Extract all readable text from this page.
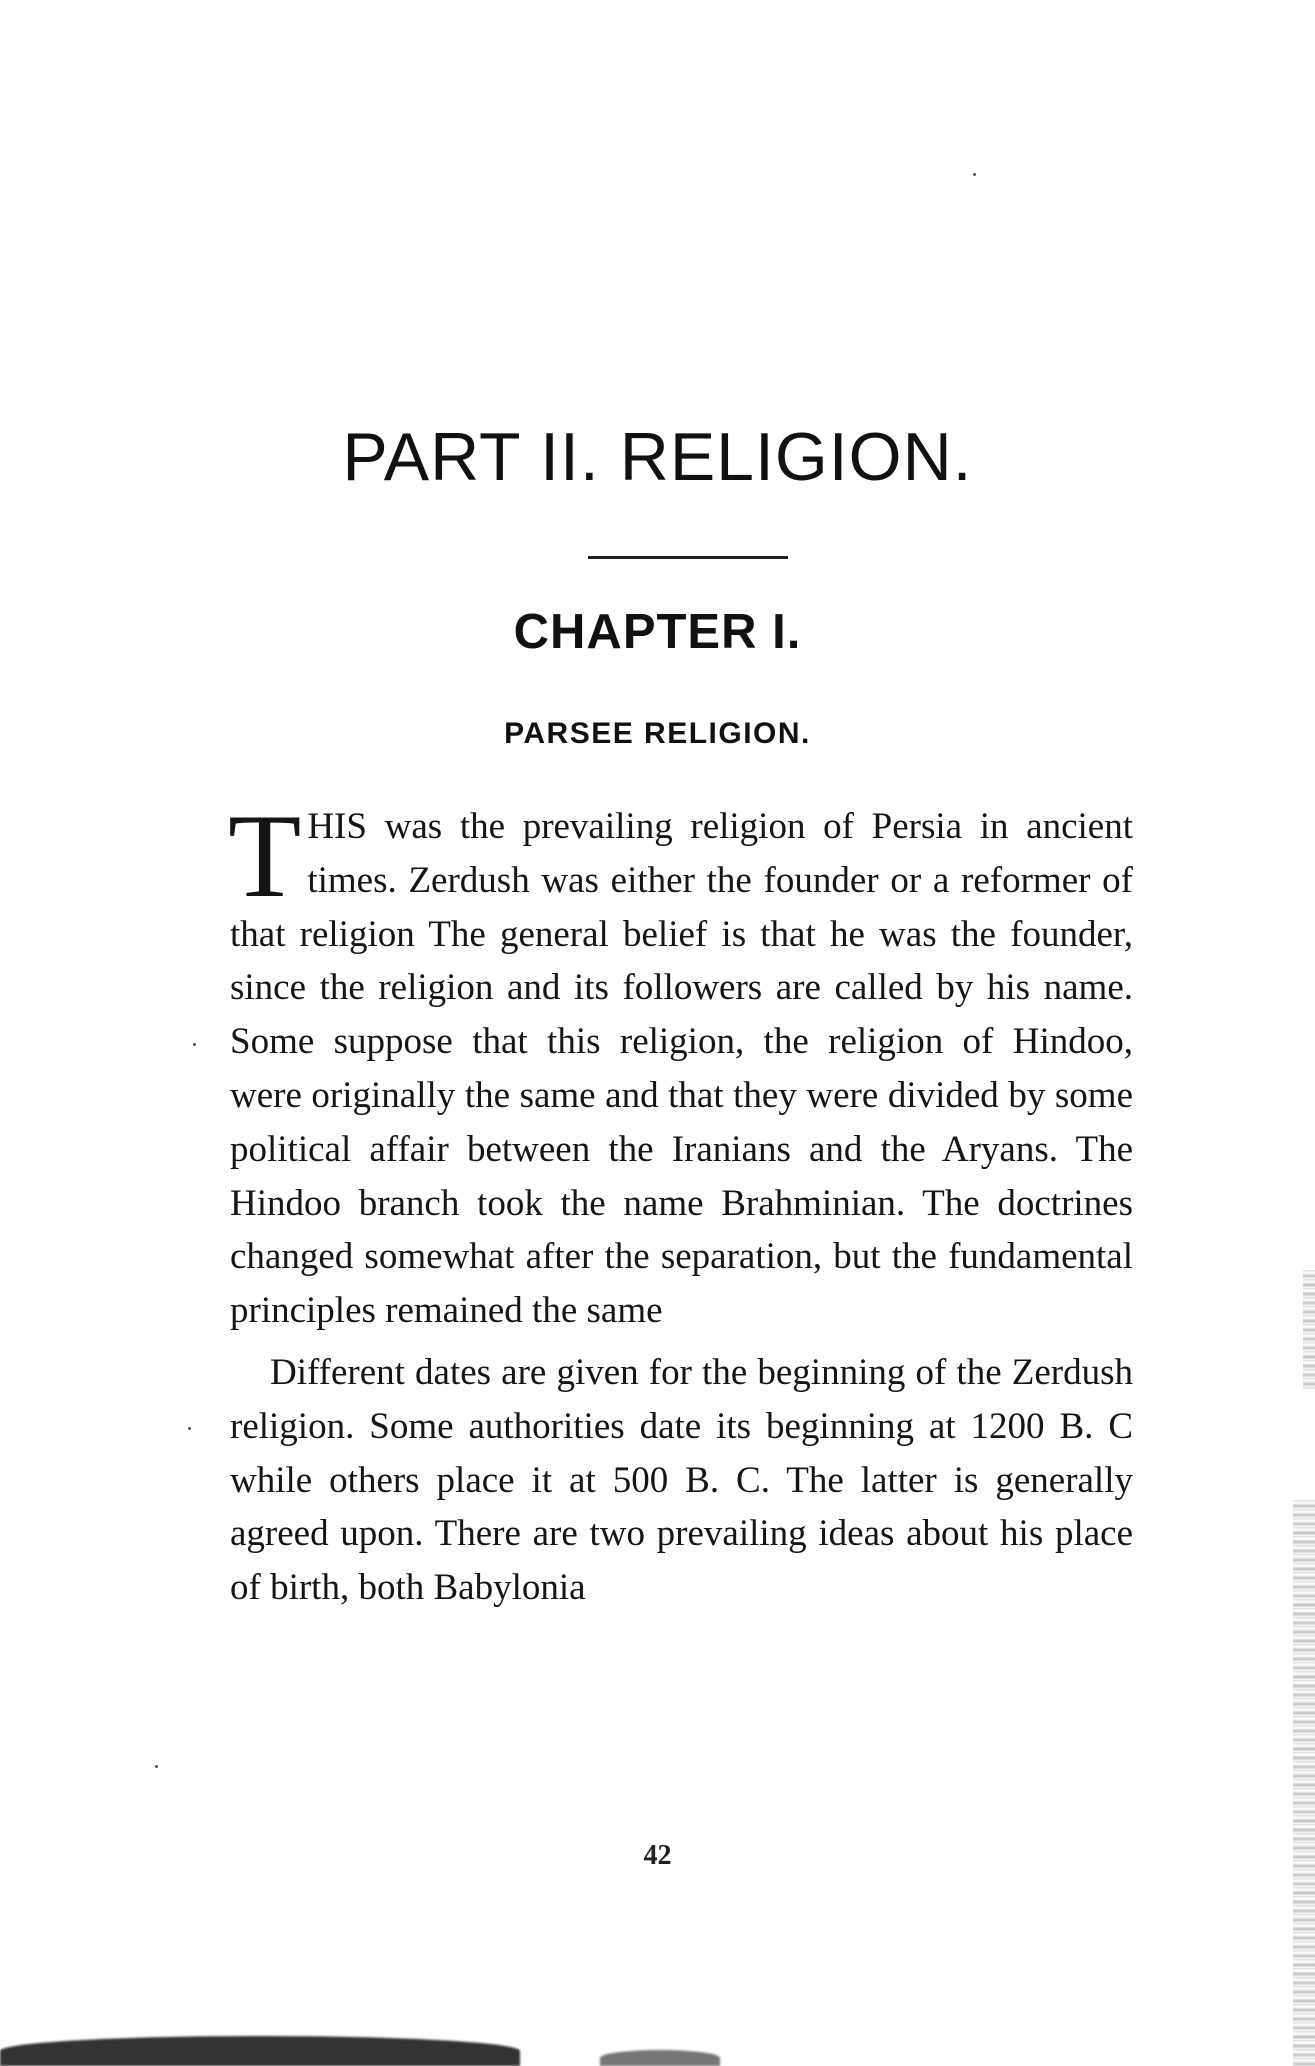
PART II. RELIGION.
CHAPTER I.
PARSEE RELIGION.

THIS was the prevailing religion of Persia in ancient times. Zerdush was either the founder or a reformer of that religion The general belief is that he was the founder, since the religion and its followers are called by his name. Some suppose that this religion, the religion of Hindoo, were originally the same and that they were divided by some political affair between the Iranians and the Aryans. The Hindoo branch took the name Brahminian. The doctrines changed somewhat after the separation, but the fundamental principles remained the same

Different dates are given for the beginning of the Zerdush religion. Some authorities date its beginning at 1200 B. C while others place it at 500 B. C. The latter is generally agreed upon. There are two prevailing ideas about his place of birth, both Babylonia

42
